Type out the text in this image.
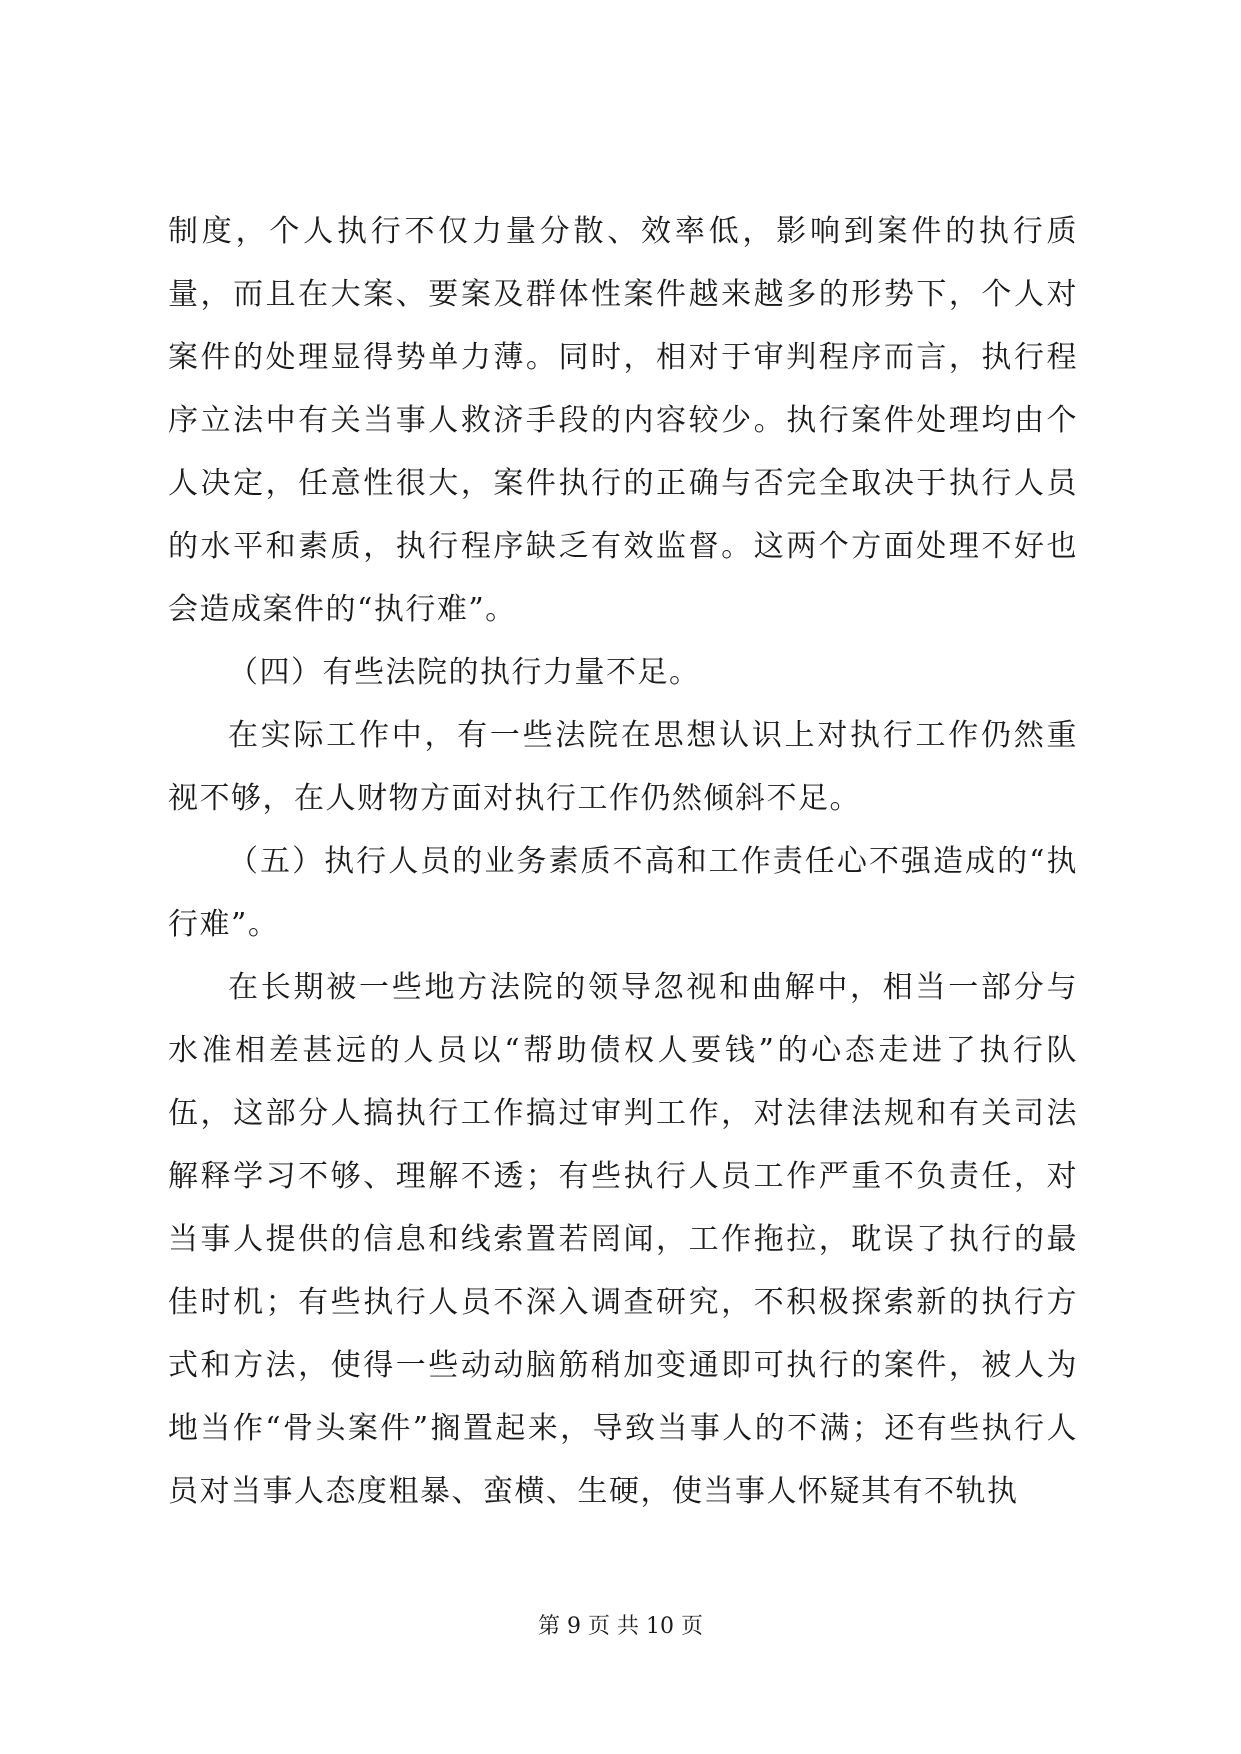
制度，个人执行不仅力量分散、效率低，影响到案件的执行质量，而且在大案、要案及群体性案件越来越多的形势下，个人对案件的处理显得势单力薄。同时，相对于审判程序而言，执行程序立法中有关当事人救济手段的内容较少。执行案件处理均由个人决定，任意性很大，案件执行的正确与否完全取决于执行人员的水平和素质，执行程序缺乏有效监督。这两个方面处理不好也会造成案件的“执行难”。

（四）有些法院的执行力量不足。

在实际工作中，有一些法院在思想认识上对执行工作仍然重视不够，在人财物方面对执行工作仍然倾斜不足。

（五）执行人员的业务素质不高和工作责任心不强造成的“执行难”。

在长期被一些地方法院的领导忽视和曲解中，相当一部分与水准相差甚远的人员以“帮助债权人要钱”的心态走进了执行队伍，这部分人搞执行工作搞过审判工作，对法律法规和有关司法解释学习不够、理解不透；有些执行人员工作严重不负责任，对当事人提供的信息和线索置若罔闻，工作拖拉，耽误了执行的最佳时机；有些执行人员不深入调查研究，不积极探索新的执行方式和方法，使得一些动动脑筋稍加变通即可执行的案件，被人为地当作“骨头案件”搁置起来，导致当事人的不满；还有些执行人员对当事人态度粗暴、蛮横、生硬，使当事人怀疑其有不轨执

第 9 页 共 10 页
